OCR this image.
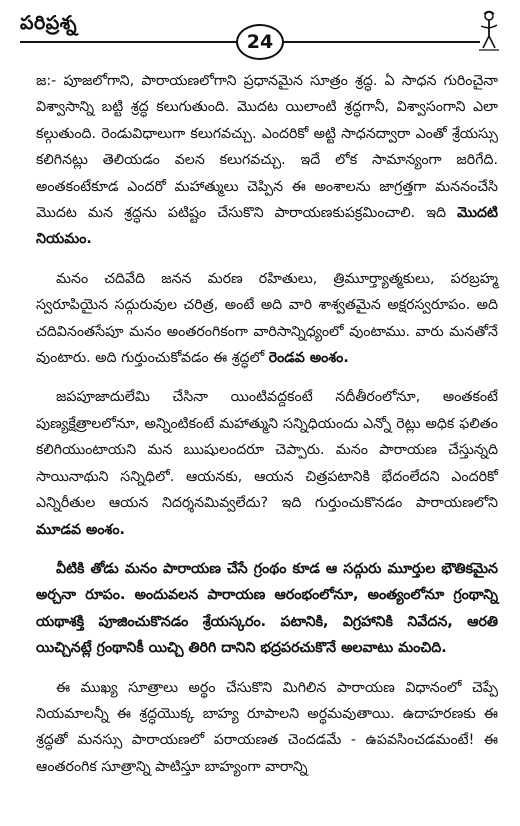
పరిప్రశ్న
24

జ:- పూజలోగాని, పారాయణలోగాని ప్రధానమైన సూత్రం శ్రద్ధ. ఏ సాధన గురించైనా విశ్వాసాన్ని బట్టి శ్రద్ధ కలుగుతుంది. మొదట యిలాంటి శ్రద్ధగానీ, విశ్వాసంగాని ఎలా కల్గుతుంది. రెండువిధాలుగా కలుగవచ్చు. ఎందరికో అట్టి సాధనద్వారా ఎంతో శ్రేయస్సు కలిగినట్లు తెలియడం వలన కలుగవచ్చు. ఇదే లోక సామాన్యంగా జరిగేది. అంతకంటేకూడ ఎందరో మహాత్ములు చెప్పిన ఈ అంశాలను జాగ్రత్తగా మననంచేసి మొదట మన శ్రద్ధను పటిష్టం చేసుకొని పారాయణకుపక్రమించాలి. ఇది మొదటి నియమం.

మనం చదివేది జనన మరణ రహితులు, త్రిమూర్త్యాత్మకులు, పరబ్రహ్మ స్వరూపియైన సద్గురువుల చరిత్ర, అంటే అది వారి శాశ్వతమైన అక్షరస్వరూపం. అది చదివినంతసేపూ మనం అంతరంగికంగా వారిసాన్నిధ్యంలో వుంటాము. వారు మనతోనే వుంటారు. అది గుర్తుంచుకోవడం ఈ శ్రద్ధలో రెండవ అంశం.

జపపూజాదులేమి చేసినా యింటివద్దకంటే నదీతీరంలోనూ, అంతకంటే పుణ్యక్షేత్రాలలోనూ, అన్నింటికంటే మహాత్ముని సన్నిధియందు ఎన్నో రెట్లు అధిక ఫలితం కలిగియుంటాయని మన ఋషులందరూ చెప్పారు. మనం పారాయణ చేస్తున్నది సాయినాథుని సన్నిధిలో. ఆయనకు, ఆయన చిత్రపటానికి భేదంలేదని ఎందరికో ఎన్నిరీతుల ఆయన నిదర్శనమివ్వలేదు? ఇది గుర్తుంచుకొనడం పారాయణలోని మూడవ అంశం.

వీటికి తోడు మనం పారాయణ చేసే గ్రంథం కూడ ఆ సద్గురు మూర్తుల భౌతికమైన అర్చనా రూపం. అందువలన పారాయణ ఆరంభంలోనూ, అంత్యంలోనూ గ్రంథాన్ని యథాశక్తి పూజించుకొనడం శ్రేయస్కరం. పటానికి, విగ్రహానికి నివేదన, ఆరతి యిచ్చినట్లే గ్రంథానికీ యిచ్చి తిరిగి దానిని భద్రపరచుకొనే అలవాటు మంచిది.

ఈ ముఖ్య సూత్రాలు అర్థం చేసుకొని మిగిలిన పారాయణ విధానంలో చెప్పే నియమాలన్నీ ఈ శ్రద్ధయొక్క బాహ్య రూపాలని అర్థమవుతాయి. ఉదాహరణకు ఈ శ్రద్ధతో మనస్సు పారాయణలో పరాయణత చెందడమే - ఉపవసించడమంటే! ఈ ఆంతరంగిక సూత్రాన్ని పాటిస్తూ బాహ్యంగా వారాన్ని
